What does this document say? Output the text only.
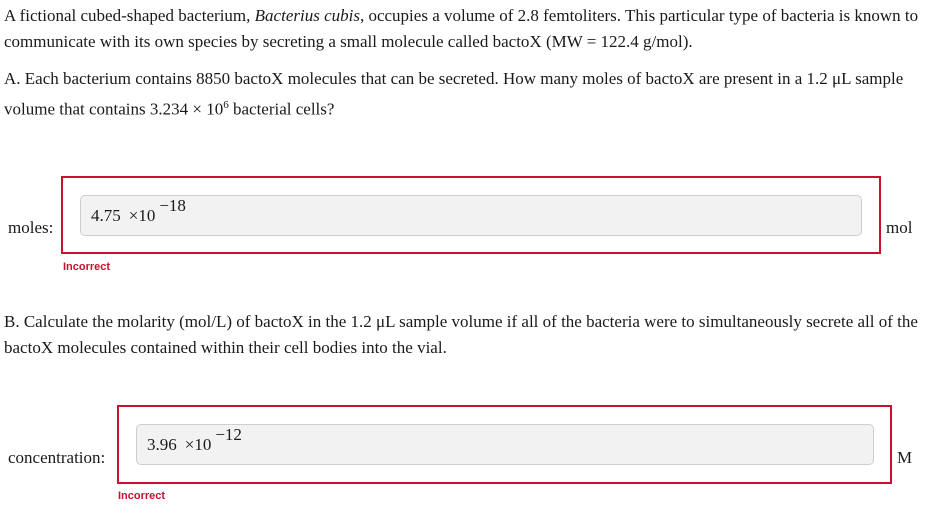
A fictional cubed-shaped bacterium, Bacterius cubis, occupies a volume of 2.8 femtoliters. This particular type of bacteria is known to communicate with its own species by secreting a small molecule called bactoX (MW = 122.4 g/mol).

A. Each bacterium contains 8850 bactoX molecules that can be secreted. How many moles of bactoX are present in a 1.2 μL sample volume that contains $3.234 \times 10^6$ bacterial cells?

moles:
4.75 ×10−18
mol
Incorrect

B. Calculate the molarity (mol/L) of bactoX in the 1.2 μL sample volume if all of the bacteria were to simultaneously secrete all of the bactoX molecules contained within their cell bodies into the vial.

concentration:
3.96 ×10−12
M
Incorrect
